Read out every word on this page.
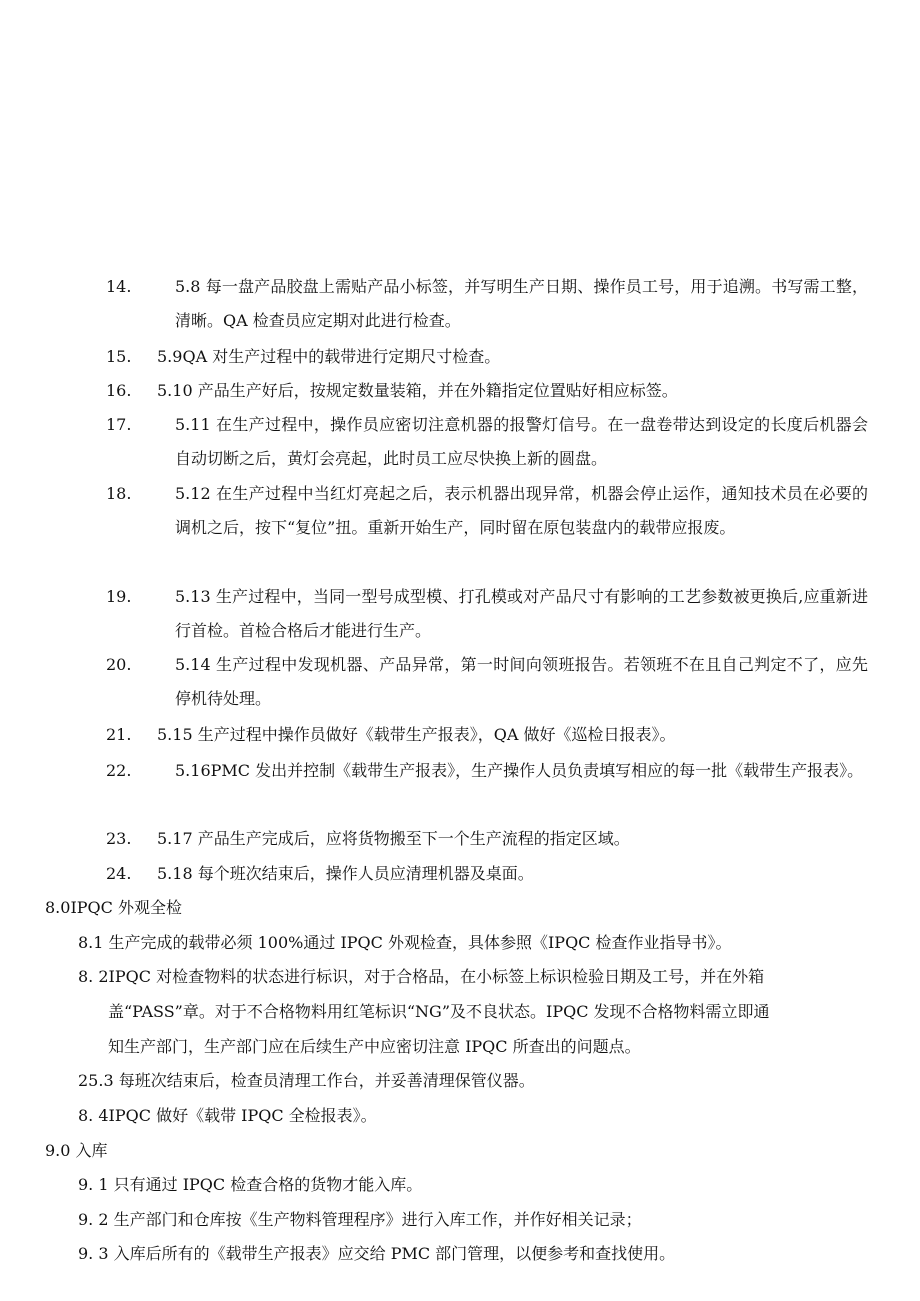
14.	5.8 每一盘产品胶盘上需贴产品小标签，并写明生产日期、操作员工号，用于追溯。书写需工整，清晰。QA 检查员应定期对此进行检查。
15. 5.9QA 对生产过程中的载带进行定期尺寸检查。
16. 5.10 产品生产好后，按规定数量装箱，并在外籍指定位置贴好相应标签。
17.	5.11 在生产过程中，操作员应密切注意机器的报警灯信号。在一盘卷带达到设定的长度后机器会自动切断之后，黄灯会亮起，此时员工应尽快换上新的圆盘。
18.	5.12 在生产过程中当红灯亮起之后，表示机器出现异常，机器会停止运作，通知技术员在必要的调机之后，按下“复位”扭。重新开始生产，同时留在原包装盘内的载带应报废。
19.	5.13 生产过程中，当同一型号成型模、打孔模或对产品尺寸有影响的工艺参数被更换后,应重新进行首检。首检合格后才能进行生产。
20.	5.14 生产过程中发现机器、产品异常，第一时间向领班报告。若领班不在且自己判定不了，应先停机待处理。
21. 5.15 生产过程中操作员做好《载带生产报表》，QA 做好《巡检日报表》。
22.	5.16PMC 发出并控制《载带生产报表》，生产操作人员负责填写相应的每一批《载带生产报表》。
23. 5.17 产品生产完成后，应将货物搬至下一个生产流程的指定区域。
24. 5.18 每个班次结束后，操作人员应清理机器及桌面。
8.0IPQC 外观全检
8.1 生产完成的载带必须 100%通过 IPQC 外观检查，具体参照《IPQC 检查作业指导书》。
8. 2IPQC 对检查物料的状态进行标识，对于合格品，在小标签上标识检验日期及工号，并在外箱
盖“PASS”章。对于不合格物料用红笔标识“NG”及不良状态。IPQC 发现不合格物料需立即通
知生产部门，生产部门应在后续生产中应密切注意 IPQC 所查出的问题点。
25.3 每班次结束后，检查员清理工作台，并妥善清理保管仪器。
8. 4IPQC 做好《载带 IPQC 全检报表》。
9.0 入库
9. 1 只有通过 IPQC 检查合格的货物才能入库。
9. 2 生产部门和仓库按《生产物料管理程序》进行入库工作，并作好相关记录；
9. 3 入库后所有的《载带生产报表》应交给 PMC 部门管理，以便参考和查找使用。
